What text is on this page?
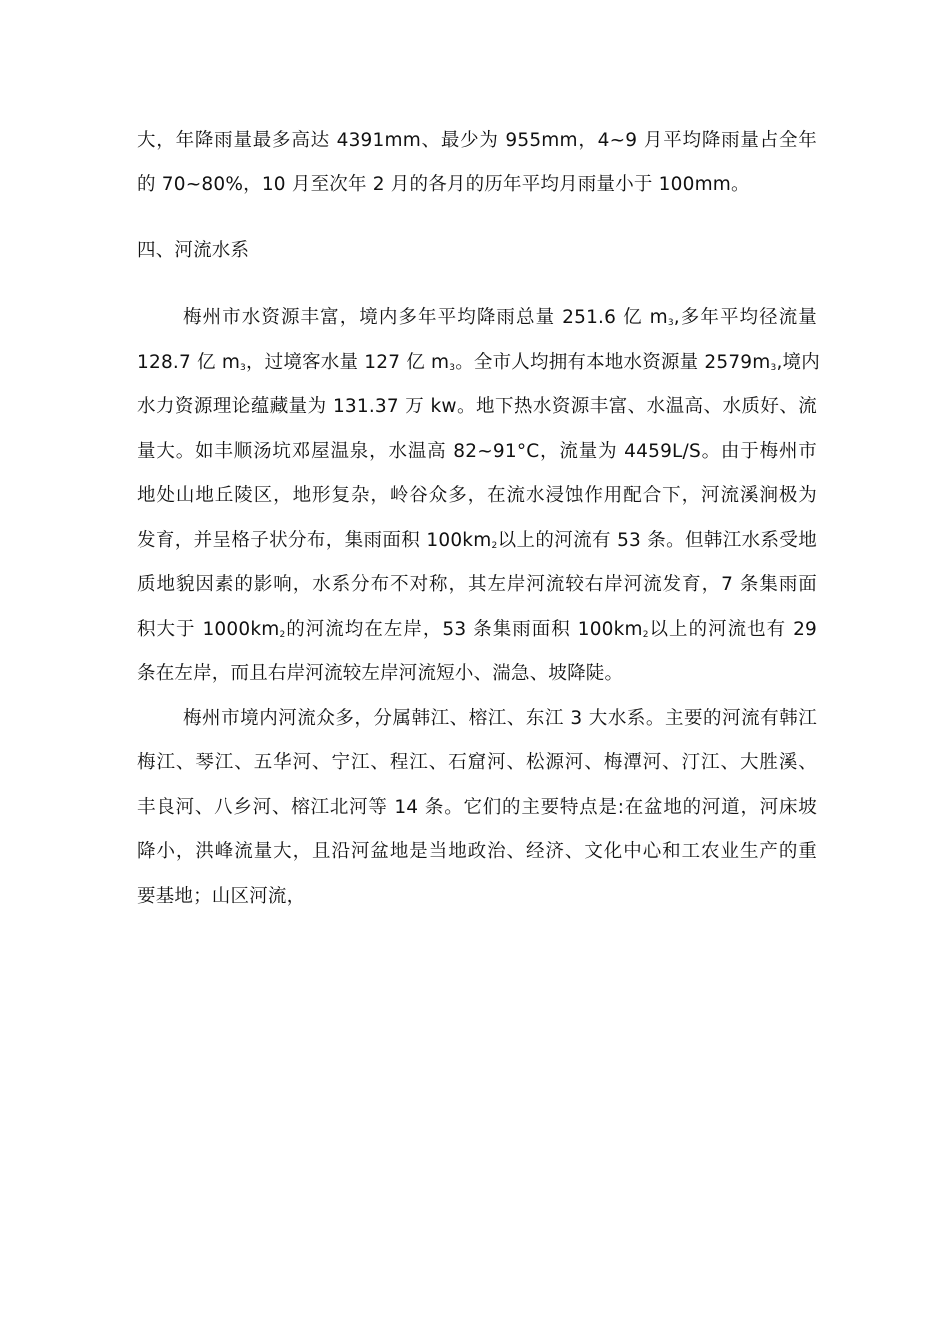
大，年降雨量最多高达 4391mm、最少为 955mm，4~9 月平均降雨量占全年
的 70~80%，10 月至次年 2 月的各月的历年平均月雨量小于 100mm。
四、河流水系
梅州市水资源丰富，境内多年平均降雨总量 251.6 亿 $m_3$,多年平均径流量
128.7 亿 $m_3$，过境客水量 127 亿 $m_3$。全市人均拥有本地水资源量 $2579m_3$,境内
水力资源理论蕴藏量为 131.37 万 kw。地下热水资源丰富、水温高、水质好、流
量大。如丰顺汤坑邓屋温泉，水温高 82~91°C，流量为 4459L/S。由于梅州市
地处山地丘陵区，地形复杂，岭谷众多，在流水浸蚀作用配合下，河流溪涧极为
发育，并呈格子状分布，集雨面积 $100km_2$以上的河流有 53 条。但韩江水系受地
质地貌因素的影响，水系分布不对称，其左岸河流较右岸河流发育，7 条集雨面
积大于 $1000km_2$的河流均在左岸，53 条集雨面积 $100km_2$以上的河流也有 29
条在左岸，而且右岸河流较左岸河流短小、湍急、坡降陡。
梅州市境内河流众多，分属韩江、榕江、东江 3 大水系。主要的河流有韩江
梅江、琴江、五华河、宁江、程江、石窟河、松源河、梅潭河、汀江、大胜溪、
丰良河、八乡河、榕江北河等 14 条。它们的主要特点是:在盆地的河道，河床坡
降小，洪峰流量大，且沿河盆地是当地政治、经济、文化中心和工农业生产的重
要基地；山区河流，
